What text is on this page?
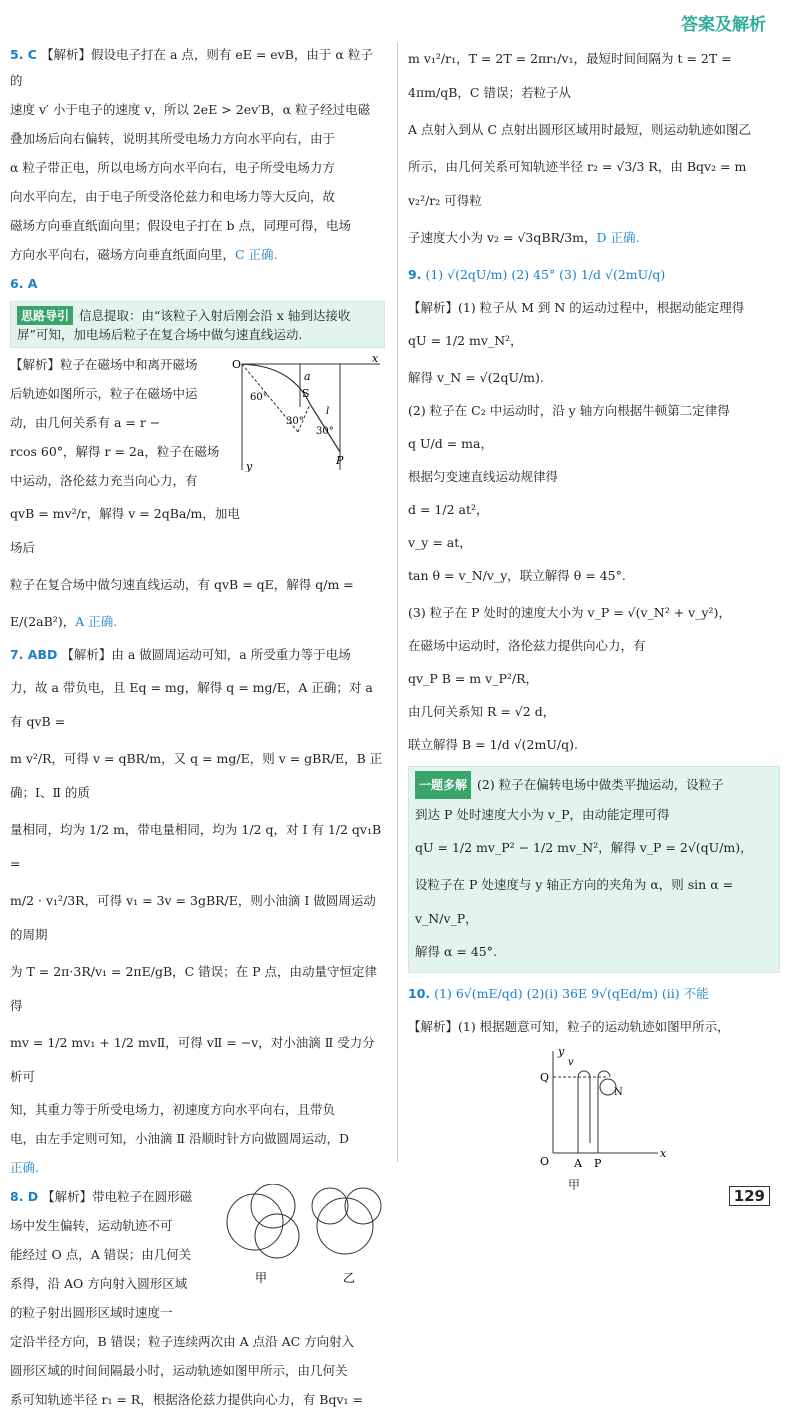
答案及解析

5. C 【解析】假设电子打在 a 点，则有 eE = evB，由于 α 粒子的

速度 v′ 小于电子的速度 v，所以 2eE > 2ev′B，α 粒子经过电磁

叠加场后向右偏转，说明其所受电场力方向水平向右，由于

α 粒子带正电，所以电场方向水平向右，电子所受电场力方

向水平向左，由于电子所受洛伦兹力和电场力等大反向，故

磁场方向垂直纸面向里；假设电子打在 b 点，同理可得，电场

方向水平向右，磁场方向垂直纸面向里，C 正确.

6. A

思路导引 信息提取：由“该粒子入射后刚会沿 x 轴到达接收屏”可知，加电场后粒子在复合场中做匀速直线运动.

【解析】粒子在磁场中和离开磁场

后轨迹如图所示，粒子在磁场中运

动，由几何关系有 a = r −

rcos 60°，解得 r = 2a，粒子在磁场

中运动，洛伦兹力充当向心力，有

qvB = mv²/r，解得 v = 2qBa/m，加电场后

O	x
y
a
S
P
60°
30°
30°
l

粒子在复合场中做匀速直线运动，有 qvB = qE，解得 q/m =

E/(2aB²)，A 正确.

7. ABD 【解析】由 a 做圆周运动可知，a 所受重力等于电场

力，故 a 带负电，且 Eq = mg，解得 q = mg/E，A 正确；对 a 有 qvB =

m v²/R，可得 v = qBR/m，又 q = mg/E，则 v = gBR/E，B 正确；Ⅰ、Ⅱ 的质

量相同，均为 1/2 m，带电量相同，均为 1/2 q，对 Ⅰ 有 1/2 qv₁B =

m/2 · v₁²/3R，可得 v₁ = 3v = 3gBR/E，则小油滴 Ⅰ 做圆周运动的周期

为 T = 2π·3R/v₁ = 2πE/gB，C 错误；在 P 点，由动量守恒定律得

mv = 1/2 mv₁ + 1/2 mvⅡ，可得 vⅡ = −v，对小油滴 Ⅱ 受力分析可

知，其重力等于所受电场力，初速度方向水平向右，且带负

电，由左手定则可知，小油滴 Ⅱ 沿顺时针方向做圆周运动，D

正确.

8. D 【解析】带电粒子在圆形磁

场中发生偏转，运动轨迹不可

能经过 O 点，A 错误；由几何关

系得，沿 AO 方向射入圆形区域

的粒子射出圆形区域时速度一

定沿半径方向，B 错误；粒子连续两次由 A 点沿 AC 方向射入

圆形区域的时间间隔最小时，运动轨迹如图甲所示，由几何关

系可知轨迹半径 r₁ = R，根据洛伦兹力提供向心力，有 Bqv₁ =

甲	乙

m v₁²/r₁，T = 2T = 2πr₁/v₁，最短时间间隔为 t = 2T = 4πm/qB，C 错误；若粒子从

A 点射入到从 C 点射出圆形区域用时最短，则运动轨迹如图乙

所示，由几何关系可知轨迹半径 r₂ = √3/3 R，由 Bqv₂ = m v₂²/r₂ 可得粒

子速度大小为 v₂ = √3qBR/3m，D 正确.

9. (1) √(2qU/m) (2) 45° (3) 1/d √(2mU/q)

【解析】(1) 粒子从 M 到 N 的运动过程中，根据动能定理得

qU = 1/2 mv_N²，

解得 v_N = √(2qU/m).

(2) 粒子在 C₂ 中运动时，沿 y 轴方向根据牛顿第二定律得

q U/d = ma，

根据匀变速直线运动规律得

d = 1/2 at²，

v_y = at，

tan θ = v_N/v_y，联立解得 θ = 45°.

(3) 粒子在 P 处时的速度大小为 v_P = √(v_N² + v_y²)，

在磁场中运动时，洛伦兹力提供向心力，有

qv_P B = m v_P²/R，

由几何关系知 R = √2 d，

联立解得 B = 1/d √(2mU/q).

一题多解 (2) 粒子在偏转电场中做类平抛运动，设粒子

到达 P 处时速度大小为 v_P，由动能定理可得

qU = 1/2 mv_P² − 1/2 mv_N²，解得 v_P = 2√(qU/m)，

设粒子在 P 处速度与 y 轴正方向的夹角为 α，则 sin α = v_N/v_P，

解得 α = 45°.

10. (1) 6√(mE/qd) (2)(i) 36E 9√(qEd/m) (ii) 不能

【解析】(1) 根据题意可知，粒子的运动轨迹如图甲所示，

y
x
O A P
Q
v
N
甲
129
